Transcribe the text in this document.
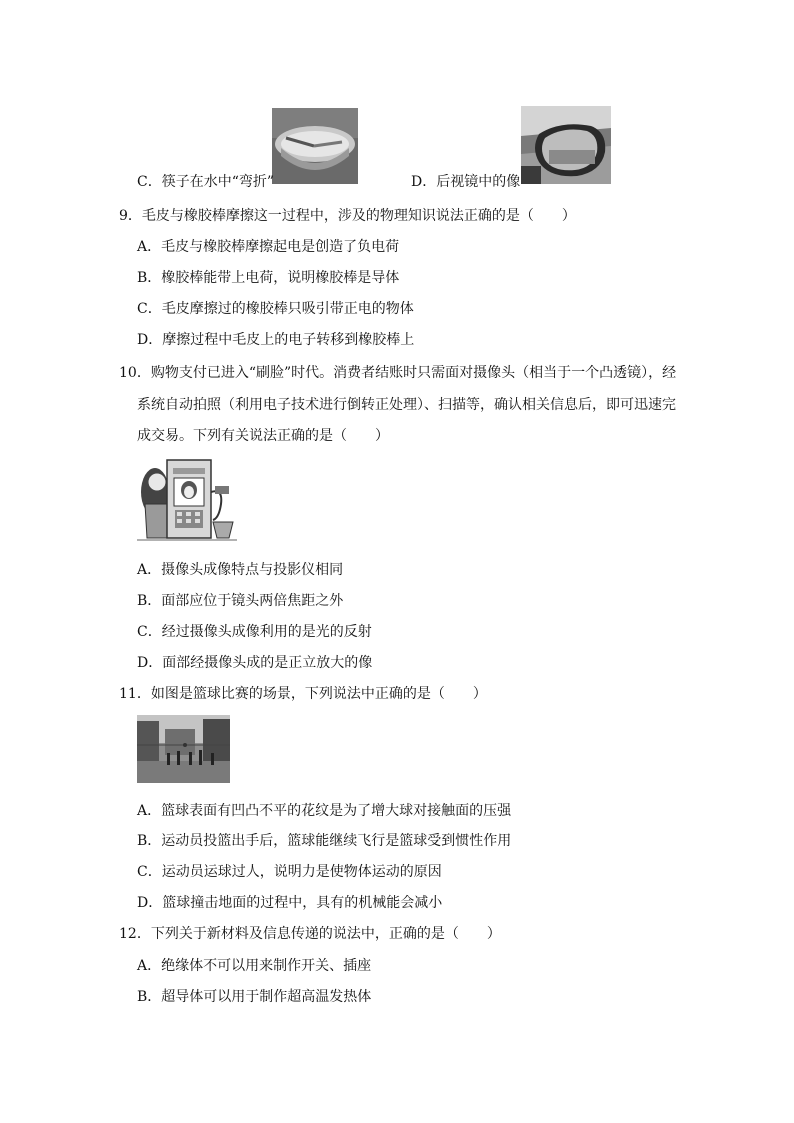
C．筷子在水中“弯折”	D．后视镜中的像
9．毛皮与橡胶棒摩擦这一过程中，涉及的物理知识说法正确的是（　　）
A．毛皮与橡胶棒摩擦起电是创造了负电荷
B．橡胶棒能带上电荷，说明橡胶棒是导体
C．毛皮摩擦过的橡胶棒只吸引带正电的物体
D．摩擦过程中毛皮上的电子转移到橡胶棒上
10．购物支付已进入“刷脸”时代。消费者结账时只需面对摄像头（相当于一个凸透镜），经
系统自动拍照（利用电子技术进行倒转正处理）、扫描等，确认相关信息后，即可迅速完
成交易。下列有关说法正确的是（　　）
A．摄像头成像特点与投影仪相同
B．面部应位于镜头两倍焦距之外
C．经过摄像头成像利用的是光的反射
D．面部经摄像头成的是正立放大的像
11．如图是篮球比赛的场景，下列说法中正确的是（　　）
A．篮球表面有凹凸不平的花纹是为了增大球对接触面的压强
B．运动员投篮出手后，篮球能继续飞行是篮球受到惯性作用
C．运动员运球过人，说明力是使物体运动的原因
D．篮球撞击地面的过程中，具有的机械能会减小
12．下列关于新材料及信息传递的说法中，正确的是（　　）
A．绝缘体不可以用来制作开关、插座
B．超导体可以用于制作超高温发热体
